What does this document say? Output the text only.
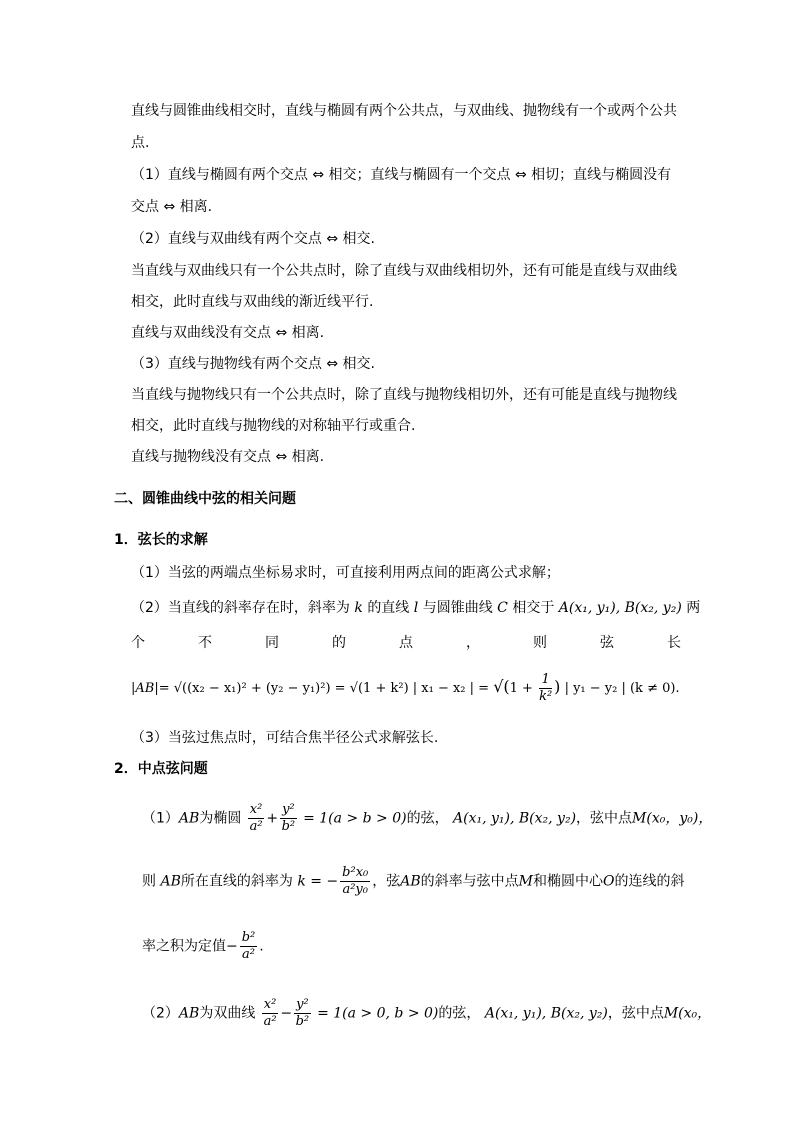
直线与圆锥曲线相交时，直线与椭圆有两个公共点，与双曲线、抛物线有一个或两个公共
点.
（1）直线与椭圆有两个交点 ⇔ 相交；直线与椭圆有一个交点 ⇔ 相切；直线与椭圆没有
交点 ⇔ 相离.
（2）直线与双曲线有两个交点 ⇔ 相交.
当直线与双曲线只有一个公共点时，除了直线与双曲线相切外，还有可能是直线与双曲线
相交，此时直线与双曲线的渐近线平行.
直线与双曲线没有交点 ⇔ 相离.
（3）直线与抛物线有两个交点 ⇔ 相交.
当直线与抛物线只有一个公共点时，除了直线与抛物线相切外，还有可能是直线与抛物线
相交，此时直线与抛物线的对称轴平行或重合.
直线与抛物线没有交点 ⇔ 相离.
二、圆锥曲线中弦的相关问题
1．弦长的求解
（1）当弦的两端点坐标易求时，可直接利用两点间的距离公式求解；
（2）当直线的斜率存在时，斜率为 k 的直线 l 与圆锥曲线 C 相交于 A(x₁, y₁), B(x₂, y₂) 两
个	不	同	的	点	，	则	弦	长
|AB|= √((x₂ − x₁)² + (y₂ − y₁)²) = √(1 + k²) | x₁ − x₂ | = $√(1 + \frac{1}{\text{k²}}$ ) | y₁ − y₂ | (k ≠ 0).
（3）当弦过焦点时，可结合焦半径公式求解弦长.
2．中点弦问题
（1）AB为椭圆 $\frac{\text{x²}}{\text{a²}} + \frac{\text{y²}}{\text{b²}} = 1(a > b > 0)$的弦， A(x₁, y₁), B(x₂, y₂)，弦中点M(x₀，y₀)，
则 AB所在直线的斜率为 k = − $\frac{\text{b²x₀}}{\text{a²y₀}}$ ，弦AB的斜率与弦中点M和椭圆中心O的连线的斜
率之积为定值− $\frac{\text{b²}}{\text{a²}}$ .
（2）AB为双曲线 $\frac{\text{x²}}{\text{a²}} - \frac{\text{y²}}{\text{b²}} = 1(a > 0$, b > 0)的弦， A(x₁, y₁), B(x₂, y₂)，弦中点M(x₀，
